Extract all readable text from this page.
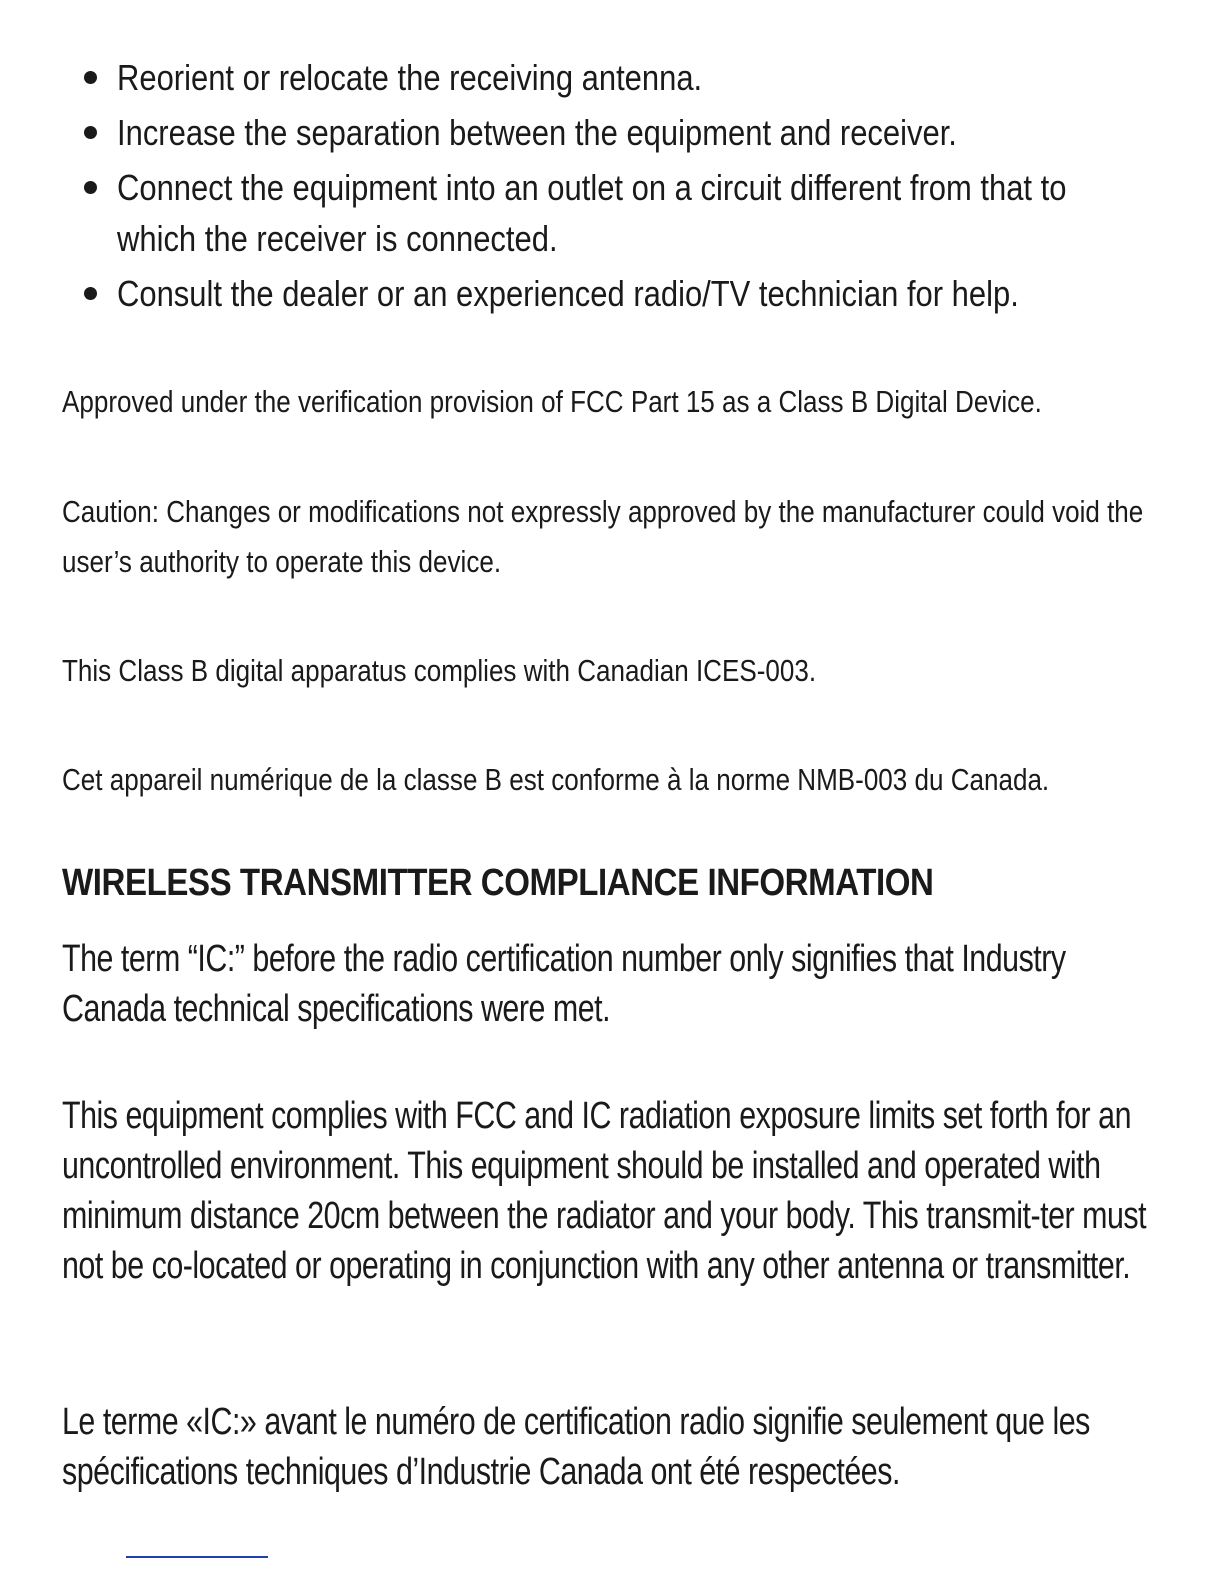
Reorient or relocate the receiving antenna.
Increase the separation between the equipment and receiver.
Connect the equipment into an outlet on a circuit different from that to which the receiver is connected.
Consult the dealer or an experienced radio/TV technician for help.

Approved under the verification provision of FCC Part 15 as a Class B Digital Device.

Caution: Changes or modifications not expressly approved by the manufacturer could void the user’s authority to operate this device.

This Class B digital apparatus complies with Canadian ICES-003.

Cet appareil numérique de la classe B est conforme à la norme NMB-003 du Canada.

WIRELESS TRANSMITTER COMPLIANCE INFORMATION

The term “IC:” before the radio certification number only signifies that Industry Canada technical specifications were met.

This equipment complies with FCC and IC radiation exposure limits set forth for an uncontrolled environment. This equipment should be installed and operated with minimum distance 20cm between the radiator and your body. This transmit-ter must not be co-located or operating in conjunction with any other antenna or transmitter.

Le terme «IC:» avant le numéro de certification radio signifie seulement que les spécifications techniques d’Industrie Canada ont été respectées.
